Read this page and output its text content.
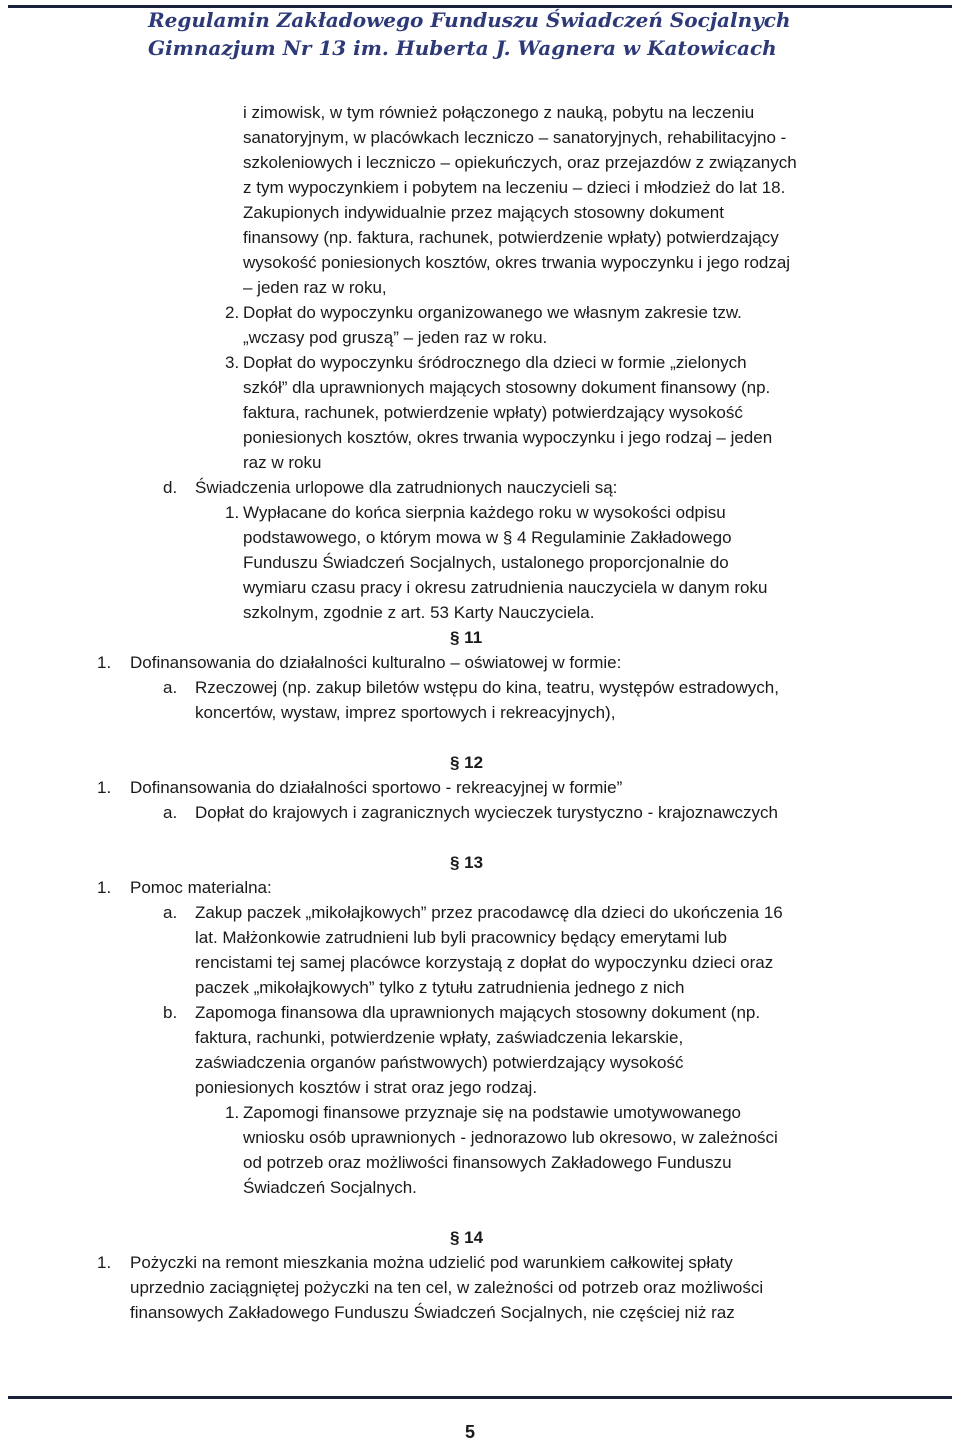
Regulamin Zakładowego Funduszu Świadczeń Socjalnych
Gimnazjum Nr 13 im. Huberta J. Wagnera w Katowicach
i zimowisk, w tym również połączonego z nauką, pobytu na leczeniu
sanatoryjnym, w placówkach leczniczo – sanatoryjnych, rehabilitacyjno -
szkoleniowych i leczniczo – opiekuńczych, oraz przejazdów z związanych
z tym wypoczynkiem i pobytem na leczeniu – dzieci i młodzież do lat 18.
Zakupionych indywidualnie przez mających stosowny dokument
finansowy (np. faktura, rachunek, potwierdzenie wpłaty) potwierdzający
wysokość poniesionych kosztów, okres trwania wypoczynku i jego rodzaj
– jeden raz w roku,
2. Dopłat do wypoczynku organizowanego we własnym zakresie tzw.
„wczasy pod gruszą” – jeden raz w roku.
3. Dopłat do wypoczynku śródrocznego dla dzieci w formie „zielonych
szkół” dla uprawnionych mających stosowny dokument finansowy (np.
faktura, rachunek, potwierdzenie wpłaty) potwierdzający wysokość
poniesionych kosztów, okres trwania wypoczynku i jego rodzaj – jeden
raz w roku
d. Świadczenia urlopowe dla zatrudnionych nauczycieli są:
1. Wypłacane do końca sierpnia każdego roku w wysokości odpisu
podstawowego, o którym mowa w § 4 Regulaminie Zakładowego
Funduszu Świadczeń Socjalnych, ustalonego proporcjonalnie do
wymiaru czasu pracy i okresu zatrudnienia nauczyciela w danym roku
szkolnym, zgodnie z art. 53 Karty Nauczyciela.
§ 11
1. Dofinansowania do działalności kulturalno – oświatowej w formie:
a. Rzeczowej (np. zakup biletów wstępu do kina, teatru, występów estradowych,
koncertów, wystaw, imprez sportowych i rekreacyjnych),
§ 12
1. Dofinansowania do działalności sportowo - rekreacyjnej w formie”
a. Dopłat do krajowych i zagranicznych wycieczek turystyczno - krajoznawczych
§ 13
1. Pomoc materialna:
a. Zakup paczek „mikołajkowych” przez pracodawcę dla dzieci do ukończenia 16
lat. Małżonkowie zatrudnieni lub byli pracownicy będący emerytami lub
rencistami tej samej placówce korzystają z dopłat do wypoczynku dzieci oraz
paczek „mikołajkowych” tylko z tytułu zatrudnienia jednego z nich
b. Zapomoga finansowa dla uprawnionych mających stosowny dokument (np.
faktura, rachunki, potwierdzenie wpłaty, zaświadczenia lekarskie,
zaświadczenia organów państwowych) potwierdzający wysokość
poniesionych kosztów i strat oraz jego rodzaj.
1. Zapomogi finansowe przyznaje się na podstawie umotywowanego
wniosku osób uprawnionych - jednorazowo lub okresowo, w zależności
od potrzeb oraz możliwości finansowych Zakładowego Funduszu
Świadczeń Socjalnych.
§ 14
1. Pożyczki na remont mieszkania można udzielić pod warunkiem całkowitej spłaty
uprzednio zaciągniętej pożyczki na ten cel, w zależności od potrzeb oraz możliwości
finansowych Zakładowego Funduszu Świadczeń Socjalnych, nie częściej niż raz
5
